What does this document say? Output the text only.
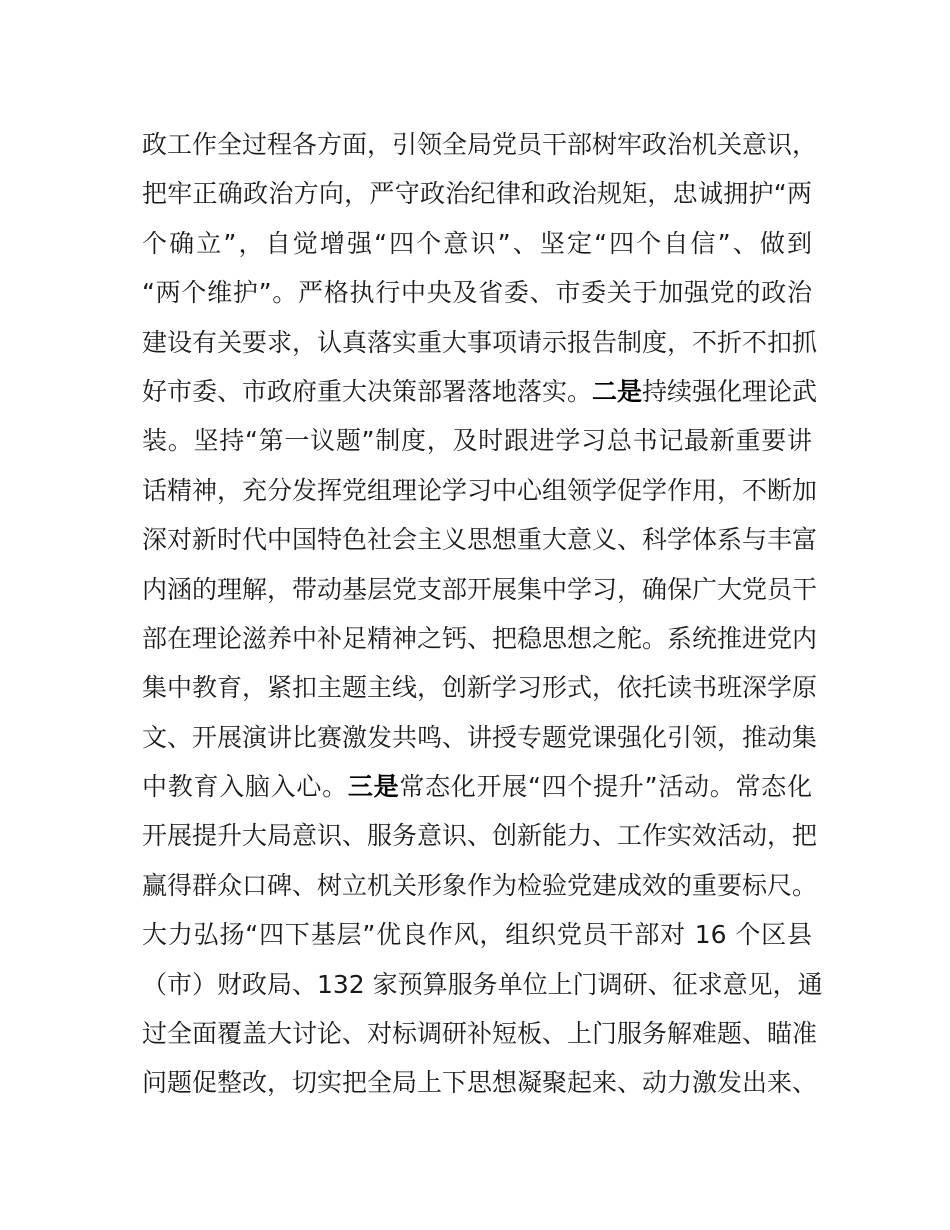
政工作全过程各方面，引领全局党员干部树牢政治机关意识，
把牢正确政治方向，严守政治纪律和政治规矩，忠诚拥护“两
个确立”，自觉增强“四个意识”、坚定“四个自信”、做到
“两个维护”。严格执行中央及省委、市委关于加强党的政治
建设有关要求，认真落实重大事项请示报告制度，不折不扣抓
好市委、市政府重大决策部署落地落实。二是持续强化理论武
装。坚持“第一议题”制度，及时跟进学习总书记最新重要讲
话精神，充分发挥党组理论学习中心组领学促学作用，不断加
深对新时代中国特色社会主义思想重大意义、科学体系与丰富
内涵的理解，带动基层党支部开展集中学习，确保广大党员干
部在理论滋养中补足精神之钙、把稳思想之舵。系统推进党内
集中教育，紧扣主题主线，创新学习形式，依托读书班深学原
文、开展演讲比赛激发共鸣、讲授专题党课强化引领，推动集
中教育入脑入心。三是常态化开展“四个提升”活动。常态化
开展提升大局意识、服务意识、创新能力、工作实效活动，把
赢得群众口碑、树立机关形象作为检验党建成效的重要标尺。
大力弘扬“四下基层”优良作风，组织党员干部对 16 个区县
（市）财政局、132 家预算服务单位上门调研、征求意见，通
过全面覆盖大讨论、对标调研补短板、上门服务解难题、瞄准
问题促整改，切实把全局上下思想凝聚起来、动力激发出来、
